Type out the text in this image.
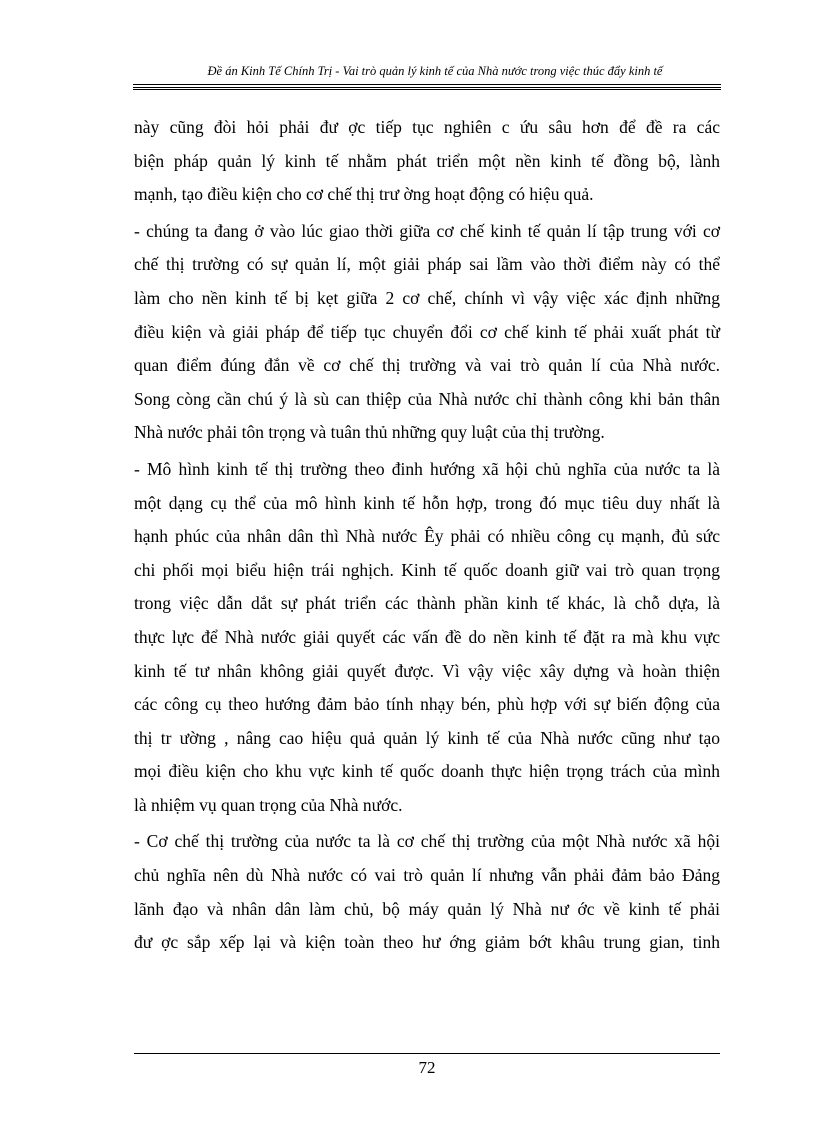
Đề án Kinh Tế Chính Trị - Vai trò quản lý kinh tế của Nhà nước trong việc thúc đẩy kinh tế
này cũng đòi hỏi phải đư ợc tiếp tục nghiên c ứu sâu hơn để đề ra các
biện pháp quản lý kinh tế nhằm phát triển một nền kinh tế đồng bộ, lành
mạnh, tạo điều kiện cho cơ chế thị trư ờng hoạt động có hiệu quả.
- chúng ta đang ở vào lúc giao thời giữa cơ chế kinh tế quản lí tập trung với cơ
chế thị trường có sự quản lí, một giải pháp sai lầm vào thời điểm này có thể
làm cho nền kinh tế bị kẹt giữa 2 cơ chế, chính vì vậy việc xác định những
điều kiện và giải pháp để tiếp tục chuyển đổi cơ chế kinh tế phải xuất phát từ
quan điểm đúng đắn về cơ chế thị trường và vai trò quản lí của Nhà nước.
Song còng cần chú ý là sù can thiệp của Nhà nước chỉ thành công khi bản thân
Nhà nước phải tôn trọng và tuân thủ những quy luật của thị trường.
- Mô hình kinh tế thị trường theo đinh hướng xã hội chủ nghĩa của nước ta là
một dạng cụ thể của mô hình kinh tế hỗn hợp, trong đó mục tiêu duy nhất là
hạnh phúc của nhân dân thì Nhà nước Êy phải có nhiều công cụ mạnh, đủ sức
chi phối mọi biểu hiện trái nghịch. Kinh tế quốc doanh giữ vai trò quan trọng
trong việc dẫn dắt sự phát triển các thành phần kinh tế khác, là chỗ dựa, là
thực lực để Nhà nước giải quyết các vấn đề do nền kinh tế đặt ra mà khu vực
kinh tế tư nhân không giải quyết được. Vì vậy việc xây dựng và hoàn thiện
các công cụ theo hướng đảm bảo tính nhạy bén, phù hợp với sự biến động của
thị tr ường , nâng cao hiệu quả quản lý kinh tế của Nhà nước cũng như tạo
mọi điều kiện cho khu vực kinh tế quốc doanh thực hiện trọng trách của mình
là nhiệm vụ quan trọng của Nhà nước.
- Cơ chế thị trường của nước ta là cơ chế thị trường của một Nhà nước xã hội
chủ nghĩa nên dù Nhà nước có vai trò quản lí nhưng vẫn phải đảm bảo Đảng
lãnh đạo và nhân dân làm chủ, bộ máy quản lý Nhà nư ớc về kinh tế phải
đư ợc sắp xếp lại và kiện toàn theo hư ớng giảm bớt khâu trung gian, tinh
72
